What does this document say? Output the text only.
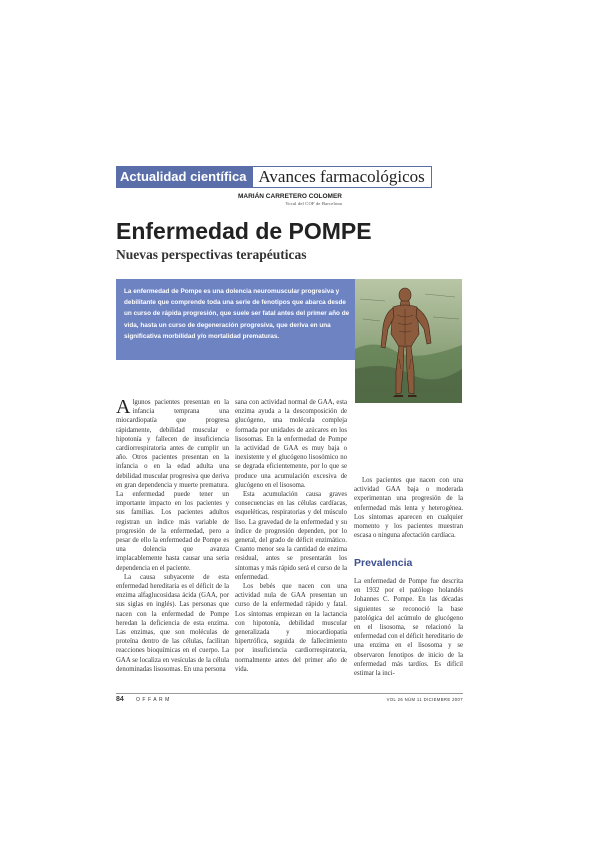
Actualidad científica Avances farmacológicos
MARIÁN CARRETERO COLOMER
Vocal del COF de Barcelona
Enfermedad de POMPE
Nuevas perspectivas terapéuticas

La enfermedad de Pompe es una dolencia neuromuscular progresiva y debilitante que comprende toda una serie de fenotipos que abarca desde un curso de rápida progresión, que suele ser fatal antes del primer año de vida, hasta un curso de degeneración progresiva, que deriva en una significativa morbilidad y/o mortalidad prematuras.

Algunos pacientes presentan en la infancia temprana una miocardiopatía que progresa rápidamente, debilidad muscular e hipotonía y fallecen de insuficiencia cardiorrespiratoria antes de cumplir un año. Otros pacientes presentan en la infancia o en la edad adulta una debilidad muscular progresiva que deriva en gran dependencia y muerte prematura. La enfermedad puede tener un importante impacto en los pacientes y sus familias. Los pacientes adultos registran un índice más variable de progresión de la enfermedad, pero a pesar de ello la enfermedad de Pompe es una dolencia que avanza implacablemente hasta causar una seria dependencia en el paciente.

La causa subyacente de esta enfermedad hereditaria es el déficit de la enzima alfaglucosidasa ácida (GAA, por sus siglas en inglés). Las personas que nacen con la enfermedad de Pompe heredan la deficiencia de esta enzima. Las enzimas, que son moléculas de proteína dentro de las células, facilitan reacciones bioquímicas en el cuerpo. La GAA se localiza en vesículas de la célula denominadas lisosomas. En una persona

sana con actividad normal de GAA, esta enzima ayuda a la descomposición de glucógeno, una molécula compleja formada por unidades de azúcares en los lisosomas. En la enfermedad de Pompe la actividad de GAA es muy baja o inexistente y el glucógeno lisosómico no se degrada eficientemente, por lo que se produce una acumulación excesiva de glucógeno en el lisosoma.

Esta acumulación causa graves consecuencias en las células cardíacas, esqueléticas, respiratorias y del músculo liso. La gravedad de la enfermedad y su índice de progresión dependen, por lo general, del grado de déficit enzimático. Cuanto menor sea la cantidad de enzima residual, antes se presentarán los síntomas y más rápido será el curso de la enfermedad.

Los bebés que nacen con una actividad nula de GAA presentan un curso de la enfermedad rápido y fatal. Los síntomas empiezan en la lactancia con hipotonía, debilidad muscular generalizada y miocardiopatía hipertrófica, seguida de fallecimiento por insuficiencia cardiorrespiratoria, normalmente antes del primer año de vida.

Los pacientes que nacen con una actividad GAA baja o moderada experimentan una progresión de la enfermedad más lenta y heterogénea. Los síntomas aparecen en cualquier momento y los pacientes muestran escasa o ninguna afectación cardíaca.

Prevalencia

La enfermedad de Pompe fue descrita en 1932 por el patólogo holandés Johannes C. Pompe. En las décadas siguientes se reconoció la base patológica del acúmulo de glucógeno en el lisosoma, se relacionó la enfermedad con el déficit hereditario de una enzima en el lisosoma y se observaron fenotipos de inicio de la enfermedad más tardíos. Es difícil estimar la inci-

84 OFFARM	VOL 26 NÚM 11 DICIEMBRE 2007
